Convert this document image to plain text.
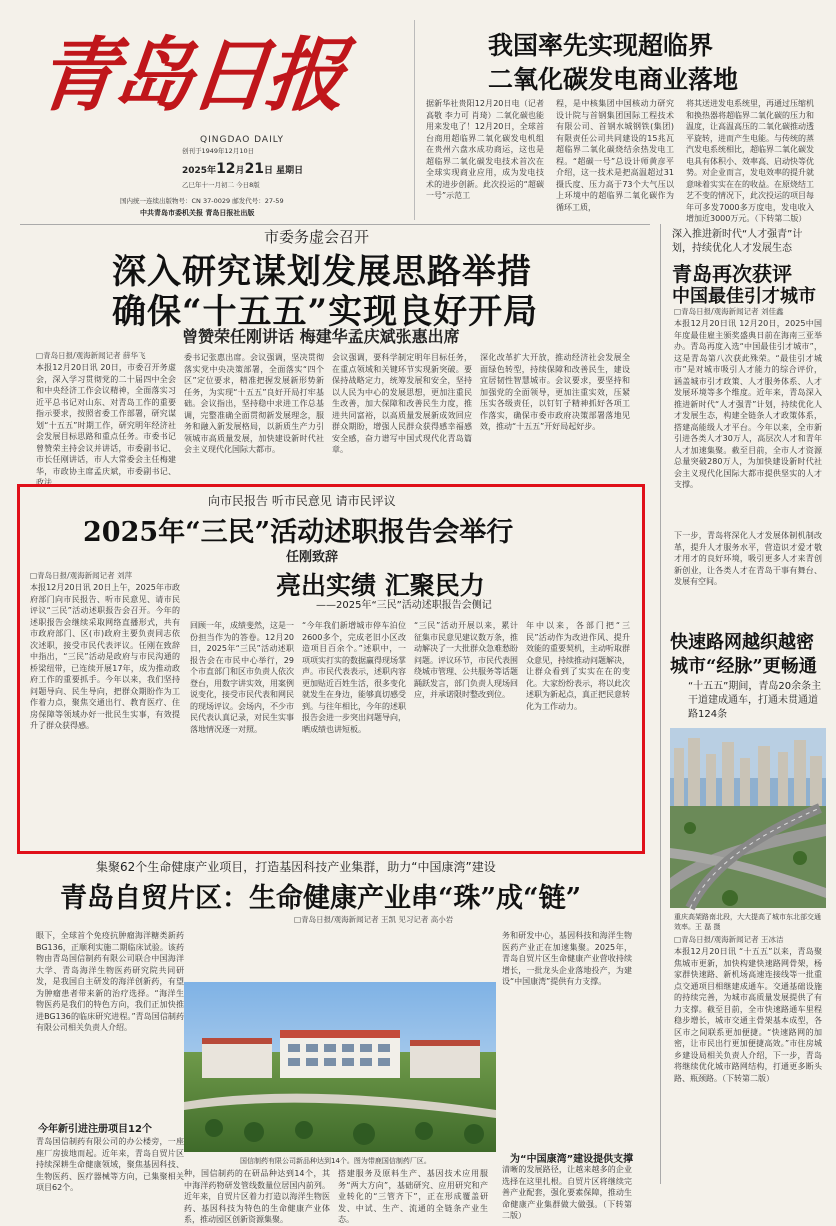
青岛日报
QINGDAO DAILY
创刊于1949年12月10日
2025年12月21日 星期日
乙巳年十一月初二 今日8版
国内统一连续出版物号：CN 37-0029 邮发代号：27-59
中共青岛市委机关报 青岛日报社出版
我国率先实现超临界
二氧化碳发电商业落地
据新华社贵阳12月20日电（记者 高敬 李力可 肖琦）二氧化碳也能用来发电了！12月20日，全球首台商用超临界二氧化碳发电机组在贵州六盘水成功商运，这也是超临界二氧化碳发电技术首次在全球实现商业应用，成为发电技术的进步创新。此次投运的“超碳一号”示范工
程，是中核集团中国核动力研究设计院与首钢集团国际工程技术有限公司、首钢水城钢铁(集团)有限责任公司共同建设的15兆瓦超临界二氧化碳烧结余热发电工程。“超碳一号”总设计师黄彦平介绍，这一技术是把高温超过31摄氏度、压力高于73个大气压以上环境中的超临界二氧化碳作为循环工质，
将其送进发电系统里，再通过压缩机和换热器将超临界二氧化碳的压力和温度，让高温高压的二氧化碳推动透平旋转，进而产生电能。与传统的蒸汽发电系统相比，超临界二氧化碳发电具有体积小、效率高、启动快等优势。对企业而言，发电效率的提升就意味着实实在在的收益。在原烧结工艺不变的情况下，此次投运的项目每年可多发7000多万度电，发电收入增加近3000万元。（下转第二版）
市委务虚会召开
深入研究谋划发展思路举措
确保“十五五”实现良好开局
曾赞荣任刚讲话 梅建华孟庆斌张惠出席
□青岛日报/观海新闻记者 薛华飞
本报12月20日讯 20日，市委召开务虚会，深入学习贯彻党的二十届四中全会和中央经济工作会议精神，全面落实习近平总书记对山东、对青岛工作的重要指示要求，按照省委工作部署，研究谋划“十五五”时期工作，研究明年经济社会发展目标思路和重点任务。市委书记曾赞荣主持会议并讲话，市委副书记、市长任刚讲话，市人大常委会主任梅建华，市政协主席孟庆斌，市委副书记、政法
委书记张惠出席。会议强调，坚决贯彻落实党中央决策部署，全面落实“四个区”定位要求，精准把握发展新形势新任务，为实现“十五五”良好开局打牢基础。会议指出，坚持稳中求进工作总基调，完整准确全面贯彻新发展理念，服务和融入新发展格局，以新质生产力引领城市高质量发展，加快建设新时代社会主义现代化国际大都市。
会议强调，要科学制定明年目标任务，在重点领域和关键环节实现新突破。要保持战略定力，统筹发展和安全，坚持以人民为中心的发展思想，更加注重民生改善，加大保障和改善民生力度，推进共同富裕，以高质量发展新成效回应群众期盼，增强人民群众获得感幸福感安全感，奋力谱写中国式现代化青岛篇章。
深化改革扩大开放，推动经济社会发展全面绿色转型，持续保障和改善民生，建设宜居韧性智慧城市。会议要求，要坚持和加强党的全面领导，更加注重实效，压紧压实各级责任，以钉钉子精神抓好各项工作落实，确保市委市政府决策部署落地见效，推动“十五五”开好局起好步。
向市民报告 听市民意见 请市民评议
2025年“三民”活动述职报告会举行
任刚致辞
□青岛日报/观海新闻记者 刘萍
本报12月20日讯 20日上午，2025年市政府部门向市民报告、听市民意见、请市民评议“三民”活动述职报告会召开。今年的述职报告会继续采取网络直播形式，共有市政府部门、区(市)政府主要负责同志依次述职，接受市民代表评议。任刚在致辞中指出，“三民”活动是政府与市民沟通的桥梁纽带，已连续开展17年，成为推动政府工作的重要抓手。今年以来，我们坚持问题导向、民生导向，把群众期盼作为工作着力点，聚焦交通出行、教育医疗、住房保障等领域办好一批民生实事，有效提升了群众获得感。
亮出实绩 汇聚民力
——2025年“三民”活动述职报告会侧记
回顾一年，成绩斐然，这是一份担当作为的答卷。12月20日，2025年“三民”活动述职报告会在市民中心举行，29个市直部门和区市负责人依次登台，用数字讲实效，用案例说变化，接受市民代表和网民的现场评议。会场内，不少市民代表认真记录，对民生实事落地情况逐一对照。
“今年我们新增城市停车泊位2600多个，完成老旧小区改造项目百余个。”述职中，一项项实打实的数据赢得现场掌声。市民代表表示，述职内容更加贴近百姓生活，很多变化就发生在身边，能够真切感受到。与往年相比，今年的述职报告会进一步突出问题导向，晒成绩也讲短板。
“三民”活动开展以来，累计征集市民意见建议数万条，推动解决了一大批群众急难愁盼问题。评议环节，市民代表围绕城市管理、公共服务等话题踊跃发言，部门负责人现场回应，并承诺限时整改到位。
年中以来，各部门把“三民”活动作为改进作风、提升效能的重要契机，主动听取群众意见，持续推动问题解决，让群众看到了实实在在的变化。大家纷纷表示，将以此次述职为新起点，真正把民意转化为工作动力。
集聚62个生命健康产业项目，打造基因科技产业集群，助力“中国康湾”建设
青岛自贸片区：生命健康产业串“珠”成“链”
□青岛日报/观海新闻记者 王凯 见习记者 高小岩
眼下，全球首个免疫抗肿瘤海洋糖类新药BG136，正顺利实施二期临床试验。该药物由青岛国信制药有限公司联合中国海洋大学、青岛海洋生物医药研究院共同研发，是我国自主研发的海洋创新药，有望为肿瘤患者带来新的治疗选择。“海洋生物医药是我们的特色方向，我们正加快推进BG136的临床研究进程。”青岛国信制药有限公司相关负责人介绍。
今年新引进注册项目12个
青岛国信制药有限公司的办公楼旁，一座座厂房拔地而起。近年来，青岛自贸片区持续深耕生命健康领域，聚焦基因科技、生物医药、医疗器械等方向，已集聚相关项目62个。
国信制药有限公司新品种达到14个。图为带鹿国信制药厂区。
种，国信制药的在研品种达到14个，其中海洋药物研发管线数量位居国内前列。近年来，自贸片区着力打造以海洋生物医药、基因科技为特色的生命健康产业体系，推动园区创新资源集聚。
搭建服务及原料生产、基因技术应用服务“两大方向”，基础研究、应用研究和产业转化的“三管齐下”，正在形成覆盖研发、中试、生产、流通的全链条产业生态。
务和研发中心，基因科技和海洋生物医药产业正在加速集聚。2025年，青岛自贸片区生命健康产业营收持续增长，一批龙头企业落地投产，为建设“中国康湾”提供有力支撑。
为“中国康湾”建设提供支撑
清晰的发展路径，让越来越多的企业选择在这里扎根。自贸片区将继续完善产业配套，强化要素保障，推动生命健康产业集群做大做强。（下转第二版）
深入推进新时代“人才强青”计划，持续优化人才发展生态
青岛再次获评
中国最佳引才城市
□青岛日报/观海新闻记者 刘佳鑫
本报12月20日讯 12月20日，2025中国年度最佳雇主颁奖盛典日前在海南三亚举办。青岛再度入选“中国最佳引才城市”，这是青岛第八次获此殊荣。“最佳引才城市”是对城市吸引人才能力的综合评价，涵盖城市引才政策、人才服务体系、人才发展环境等多个维度。近年来，青岛深入推进新时代“人才强青”计划，持续优化人才发展生态，构建全链条人才政策体系，搭建高能级人才平台。今年以来，全市新引进各类人才30万人，高层次人才和青年人才加速集聚。截至目前，全市人才资源总量突破280万人，为加快建设新时代社会主义现代化国际大都市提供坚实的人才支撑。
下一步，青岛将深化人才发展体制机制改革，提升人才服务水平，营造识才爱才敬才用才的良好环境，吸引更多人才来青创新创业，让各类人才在青岛干事有舞台、发展有空间。
快速路网越织越密
城市“经脉”更畅通
“十五五”期间，青岛20余条主干道建成通车，打通未贯通道路124条
重庆高架路南北段，大大提高了城市东北部交通效率。王 磊 摄
□青岛日报/观海新闻记者 王冰洁
本报12月20日讯 “十五五”以来，青岛聚焦城市更新，加快构建快速路网骨架，杨家群快速路、新机场高速连接线等一批重点交通项目相继建成通车。交通基础设施的持续完善，为城市高质量发展提供了有力支撑。截至目前，全市快速路通车里程稳步增长，城市交通主骨架基本成型，各区市之间联系更加便捷。“快速路网的加密，让市民出行更加便捷高效。”市住房城乡建设局相关负责人介绍，下一步，青岛将继续优化城市路网结构，打通更多断头路、瓶颈路。（下转第二版）
